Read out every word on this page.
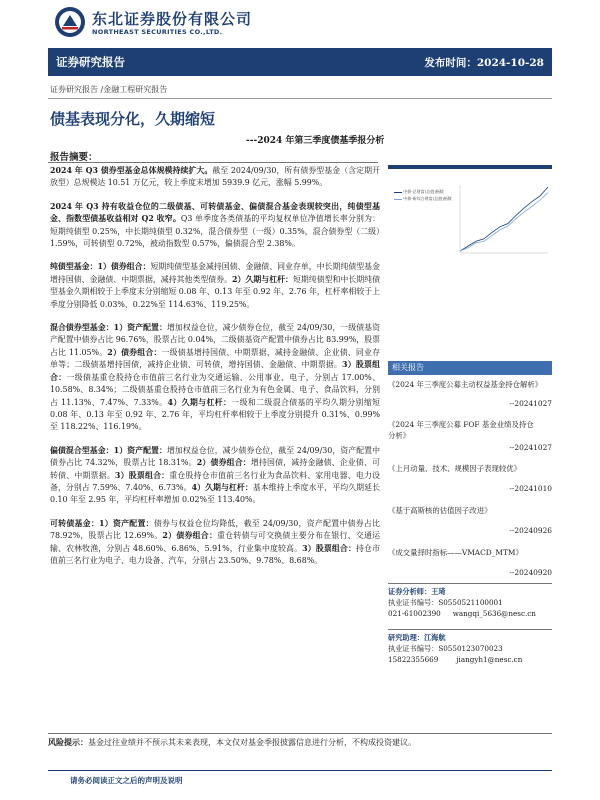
东北证券股份有限公司
NORTHEAST SECURITIES CO.,LTD.
证券研究报告	发布时间：2024-10-28
证券研究报告 /金融工程研究报告
债基表现分化，久期缩短
---2024 年第三季度债基季报分析
报告摘要：

2024 年 Q3 债券型基金总体规模持续扩大。截至 2024/09/30，所有债券型基金（含定期开放型）总规模达 10.51 万亿元，较上季度末增加 5939.9 亿元，涨幅 5.99%。

2024 年 Q3 持有收益仓位的二级债基、可转债基金、偏债混合基金表现较突出，纯债型基金、指数型债基收益相对 Q2 收窄。Q3 单季度各类债基的平均复权单位净值增长率分别为：短期纯债型 0.25%，中长期纯债型 0.32%，混合债券型（一级）0.35%，混合债券型（二级）1.59%，可转债型 0.72%，被动指数型 0.57%，偏债混合型 2.38%。

纯债型基金：1）债券组合：短期纯债型基金减持国债、金融债、同业存单，中长期纯债型基金增持国债、金融债、中期票据，减持其他类型债券。2）久期与杠杆：短期纯债型和中长期纯债型基金久期相较于上季度末分别缩短 0.08 年、0.13 年至 0.92 年、2.76 年，杠杆率相较于上季度分别降低 0.03%、0.22%至 114.63%、119.25%。

混合债券型基金：1）资产配置：增加权益仓位，减少债券仓位，截至 24/09/30，一级债基资产配置中债券占比 96.76%，股票占比 0.04%，二级债基资产配置中债券占比 83.99%，股票占比 11.05%。2）债券组合：一级债基增持国债、中期票据，减持金融债、企业债、同业存单等；二级债基增持国债，减持企业债、可转债，增持国债、金融债、中期票据。3）股票组合：一级债基重仓股持仓市值前三名行业为交通运输、公用事业、电子，分别占 17.00%、10.58%、8.34%；二级债基重仓股持仓市值前三名行业为有色金属、电子、食品饮料，分别占 11.13%、7.47%、7.33%。4）久期与杠杆：一级和二级混合债基的平均久期分别缩短 0.08 年、0.13 年至 0.92 年、2.76 年，平均杠杆率相较于上季度分别提升 0.31%、0.99%至 118.22%、116.19%。

偏债混合型基金：1）资产配置：增加权益仓位，减少债券仓位，截至 24/09/30，资产配置中债券占比 74.32%，股票占比 18.31%。2）债券组合：增持国债，减持金融债、企业债、可转债、中期票据。3）股票组合：重仓股持仓市值前三名行业为食品饮料、家用电器、电力设备，分别占 7.59%、7.40%、6.73%。4）久期与杠杆：基本维持上季度水平，平均久期延长 0.10 年至 2.95 年，平均杠杆率增加 0.02%至 113.40%。

可转债基金：1）资产配置：债券与权益仓位均降低，截至 24/09/30，资产配置中债券占比 78.92%，股票占比 12.69%。2）债券组合：重仓转债与可交换债主要分布在银行、交通运输、农林牧渔，分别占 48.60%、6.86%、5.91%，行业集中度较高。3）股票组合：持仓市值前三名行业为电子、电力设备、汽车，分别占 23.50%、9.78%、8.68%。

中债-总财富(总值)指数
中债-新综合财富(总值)指数
相关报告
《2024 年三季度公募主动权益基金持仓解析》
--20241027
《2024 年三季度公募 FOF 基金业绩及持仓分析》
--20241027
《上月动量、技术、规模因子表现较优》
--20241010
《基于高斯核的估值因子改进》
--20240926
《成交量择时指标——VMACD_MTM》
--20240920
证券分析师：王琦
执业证书编号：S0550521100001
021-61002390 wangqi_5636@nesc.cn
研究助理：江海航
执业证书编号：S0550123070023
15822355669	jiangyh1@nesc.cn
风险提示：基金过往业绩并不预示其未来表现，本文仅对基金季报披露信息进行分析，不构成投资建议。
请务必阅读正文之后的声明及说明
